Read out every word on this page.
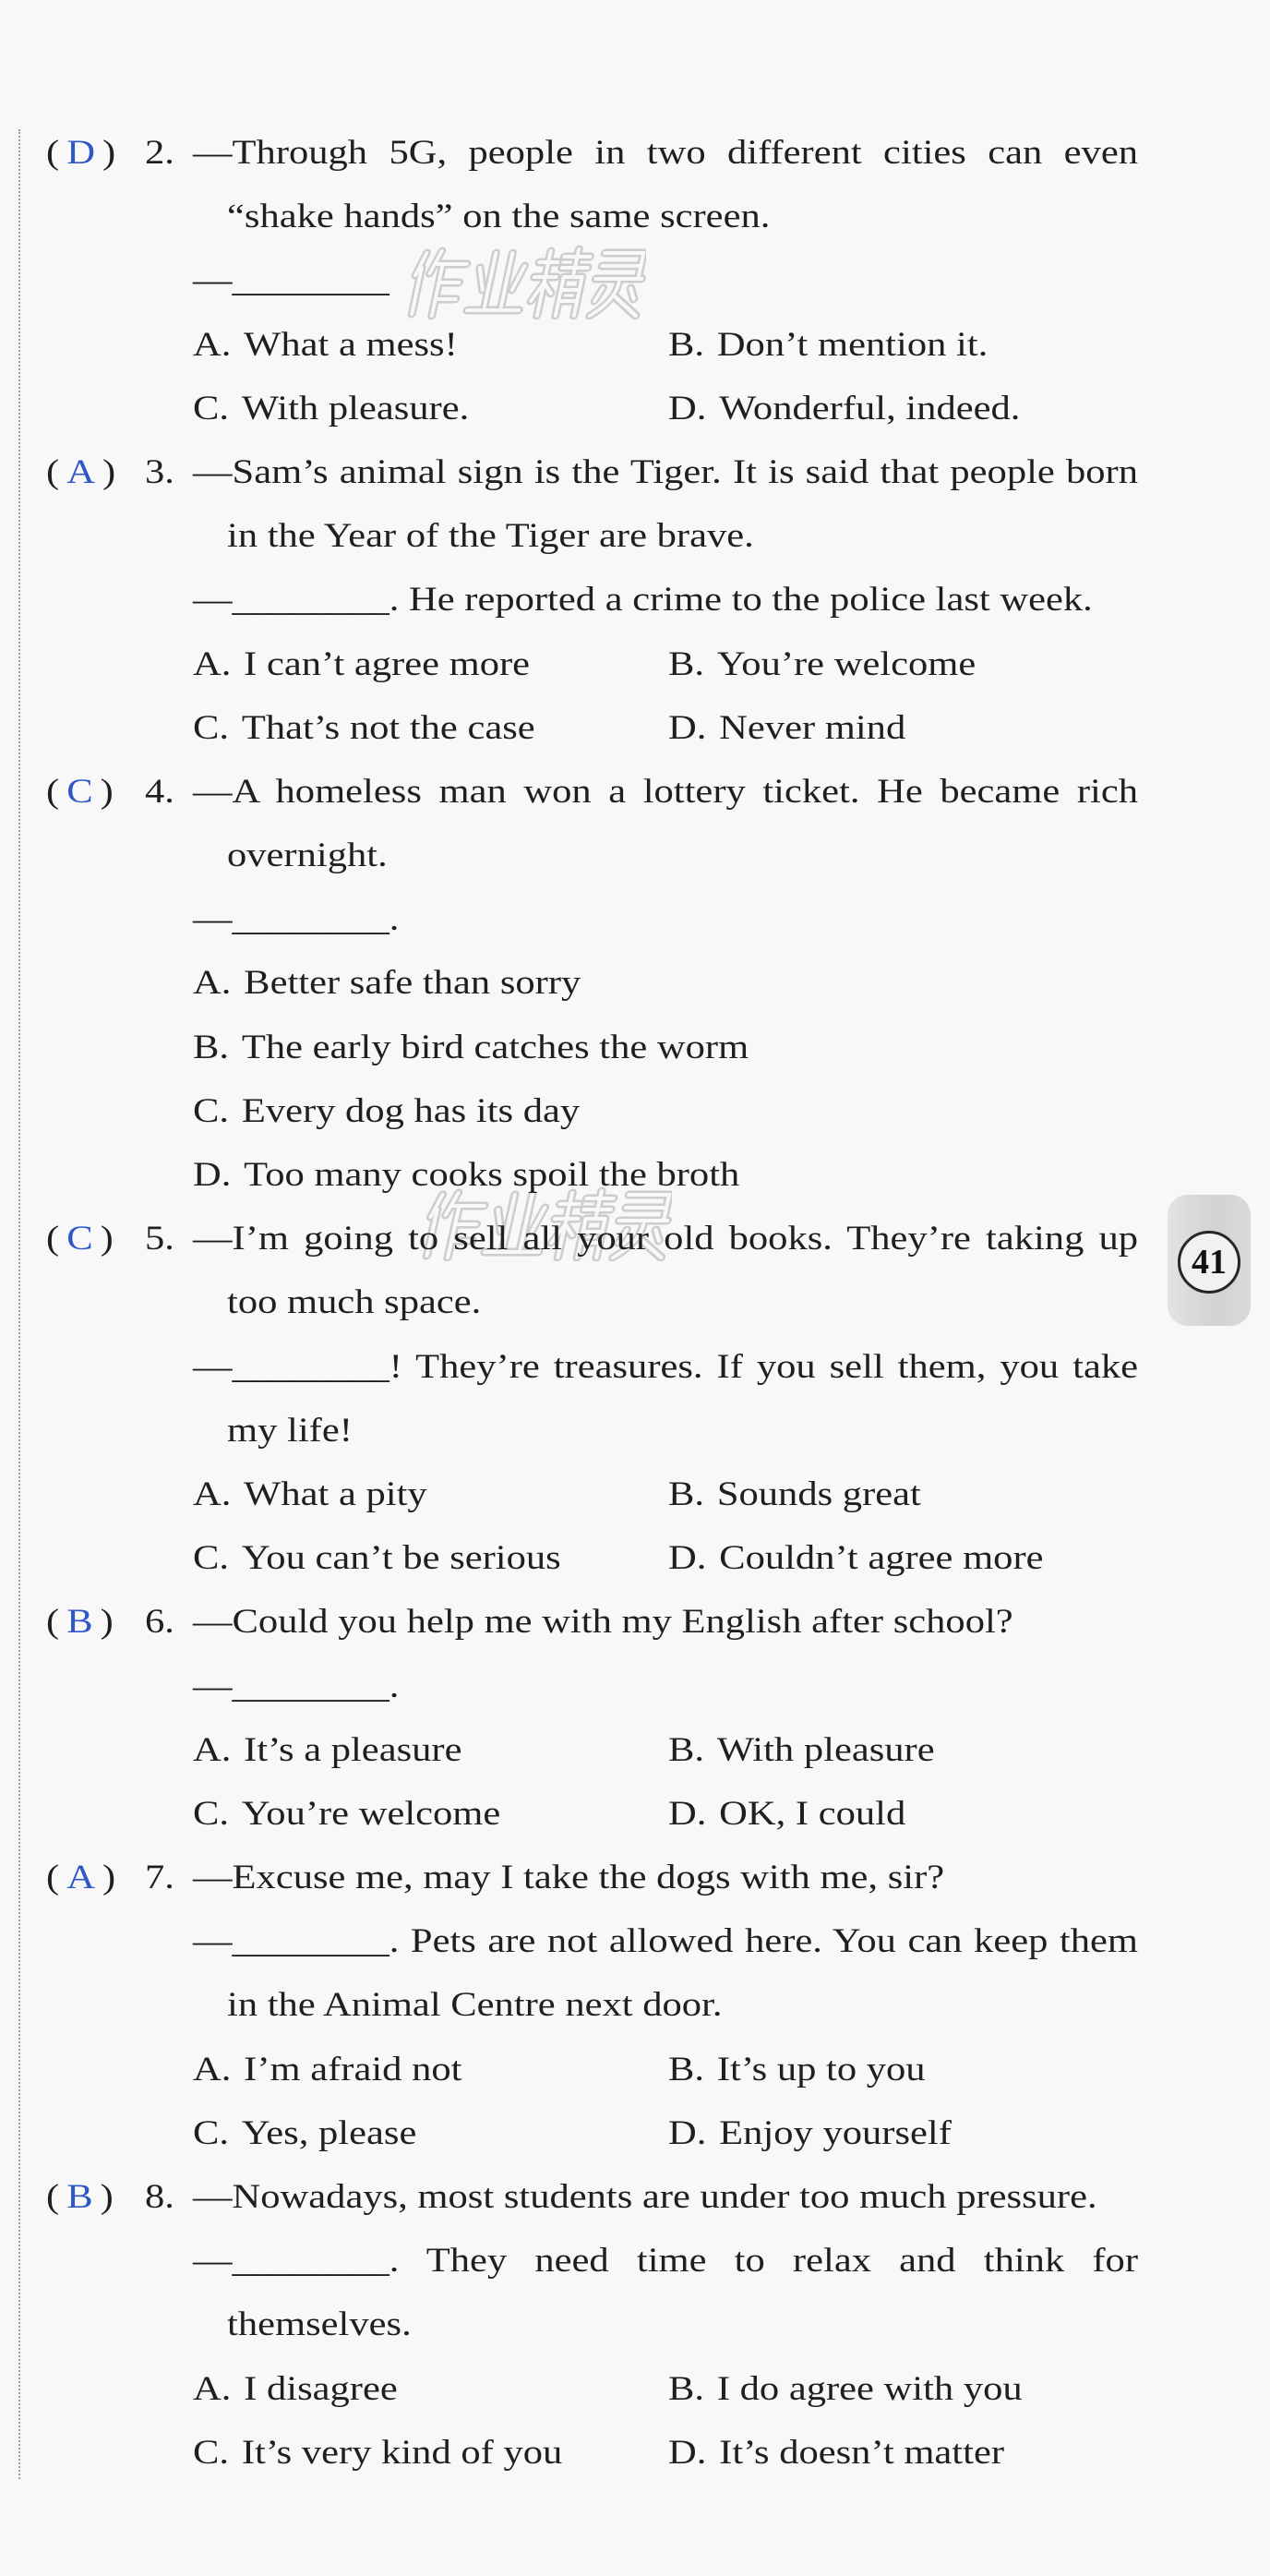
41
( D ) 2. —Through 5G, people in two different cities can even
“shake hands” on the same screen.
—________
A. What a mess!	B. Don’t mention it.
C. With pleasure.	D. Wonderful, indeed.
( A ) 3. —Sam’s animal sign is the Tiger. It is said that people born
in the Year of the Tiger are brave.
—________. He reported a crime to the police last week.
A. I can’t agree more	B. You’re welcome
C. That’s not the case	D. Never mind
( C ) 4. —A homeless man won a lottery ticket. He became rich
overnight.
—________.
A. Better safe than sorry
B. The early bird catches the worm
C. Every dog has its day
D. Too many cooks spoil the broth
( C ) 5. —I’m going to sell all your old books. They’re taking up
too much space.
—________! They’re treasures. If you sell them, you take
my life!
A. What a pity	B. Sounds great
C. You can’t be serious	D. Couldn’t agree more
( B ) 6. —Could you help me with my English after school?
—________.
A. It’s a pleasure	B. With pleasure
C. You’re welcome	D. OK, I could
( A ) 7. —Excuse me, may I take the dogs with me, sir?
—________. Pets are not allowed here. You can keep them
in the Animal Centre next door.
A. I’m afraid not	B. It’s up to you
C. Yes, please	D. Enjoy yourself
( B ) 8. —Nowadays, most students are under too much pressure.
—________. They need time to relax and think for
themselves.
A. I disagree	B. I do agree with you
C. It’s very kind of you	D. It’s doesn’t matter
